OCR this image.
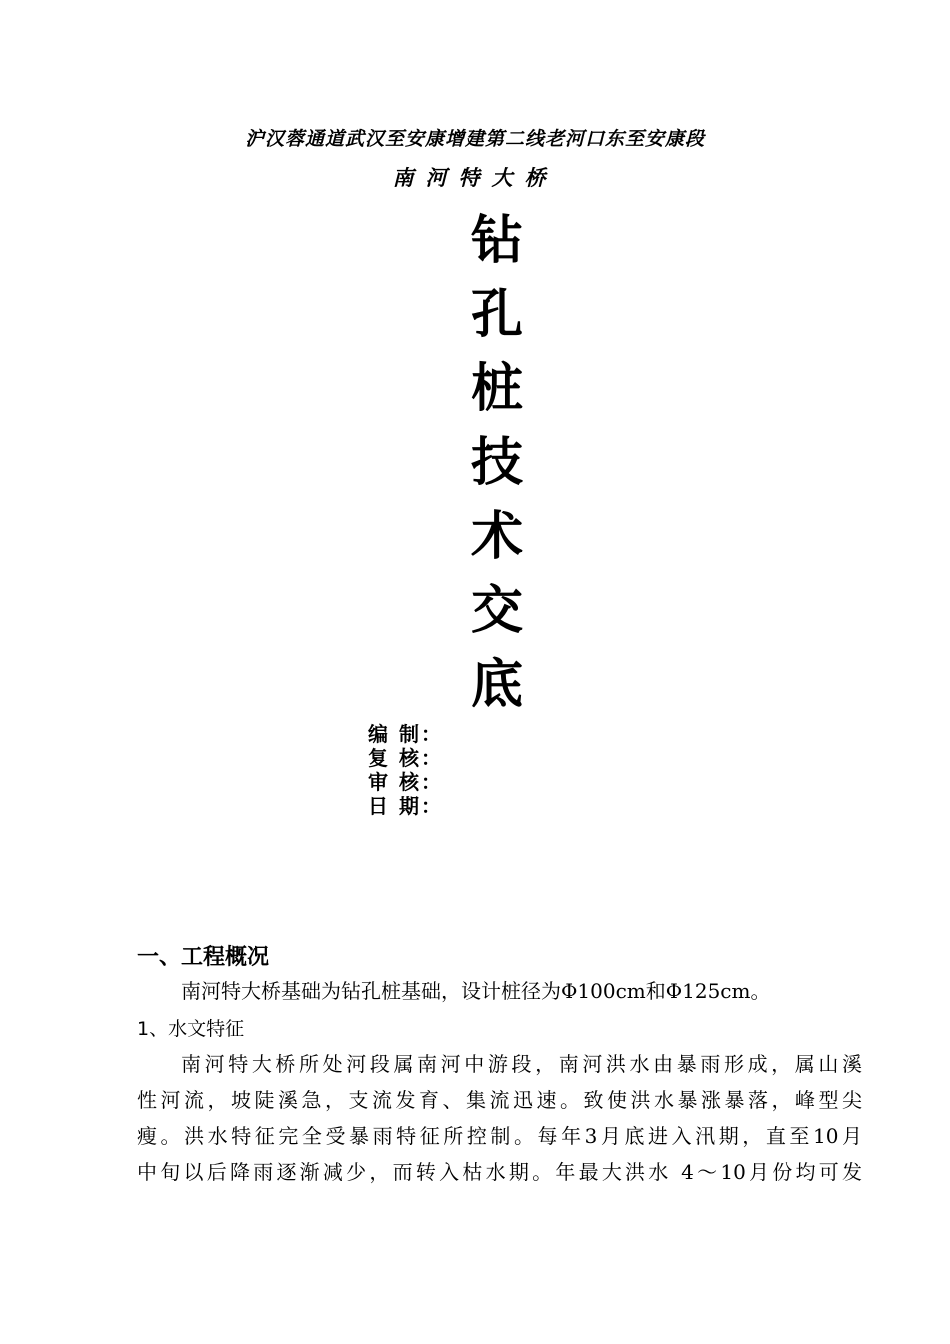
沪汉蓉通道武汉至安康增建第二线老河口东至安康段
南河特大桥
钻
孔
桩
技
术
交
底
编 制：
复 核：
审 核：
日 期：
一、工程概况
南河特大桥基础为钻孔桩基础，设计桩径为Φ100cm和Φ125cm。
1、水文特征
南河特大桥所处河段属南河中游段，南河洪水由暴雨形成，属山溪
性河流，坡陡溪急，支流发育、集流迅速。致使洪水暴涨暴落，峰型尖
瘦。洪水特征完全受暴雨特征所控制。每年3月底进入汛期，直至10月
中旬以后降雨逐渐减少，而转入枯水期。年最大洪水 4～10月份均可发
